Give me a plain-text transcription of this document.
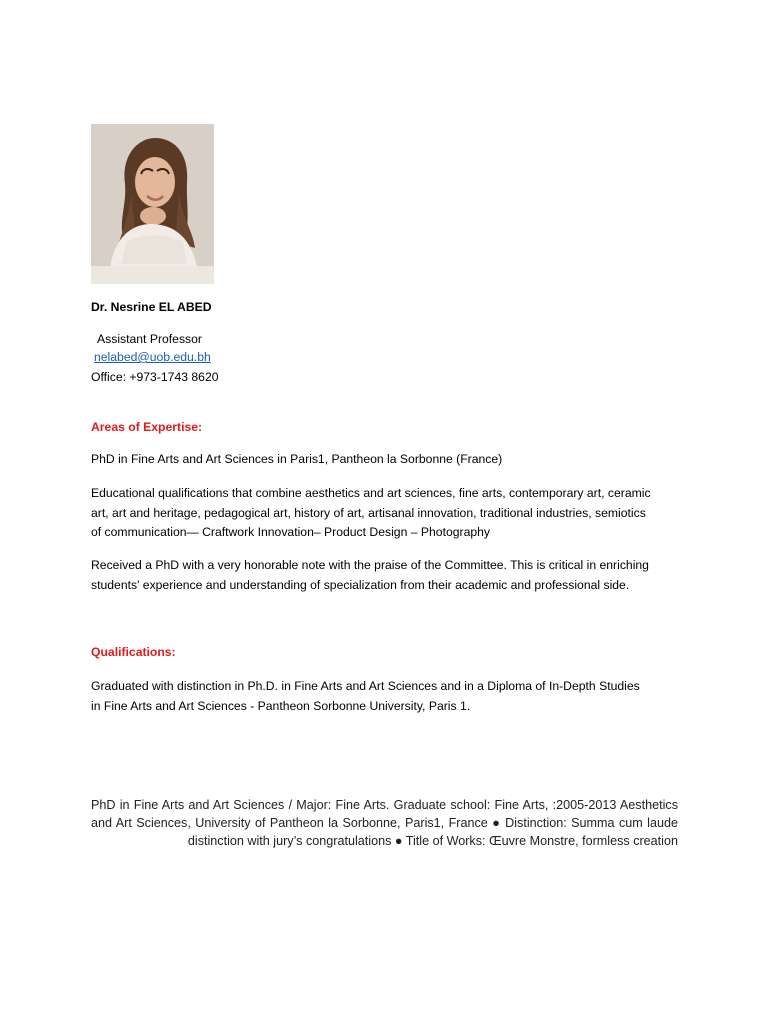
Dr. Nesrine EL ABED
Assistant Professor
nelabed@uob.edu.bh
Office: +973-1743 8620
Areas of Expertise:
PhD in Fine Arts and Art Sciences in Paris1, Pantheon la Sorbonne (France)
Educational qualifications that combine aesthetics and art sciences, fine arts, contemporary art, ceramic art, art and heritage, pedagogical art, history of art, artisanal innovation, traditional industries, semiotics of communication— Craftwork Innovation– Product Design – Photography
Received a PhD with a very honorable note with the praise of the Committee. This is critical in enriching students' experience and understanding of specialization from their academic and professional side.
Qualifications:
Graduated with distinction in Ph.D. in Fine Arts and Art Sciences and in a Diploma of In-Depth Studies in Fine Arts and Art Sciences - Pantheon Sorbonne University, Paris 1.
PhD in Fine Arts and Art Sciences / Major: Fine Arts. Graduate school: Fine Arts, :2005-2013 Aesthetics and Art Sciences, University of Pantheon la Sorbonne, Paris1, France ● Distinction: Summa cum laude distinction with jury’s congratulations ● Title of Works: Œuvre Monstre, formless creation
